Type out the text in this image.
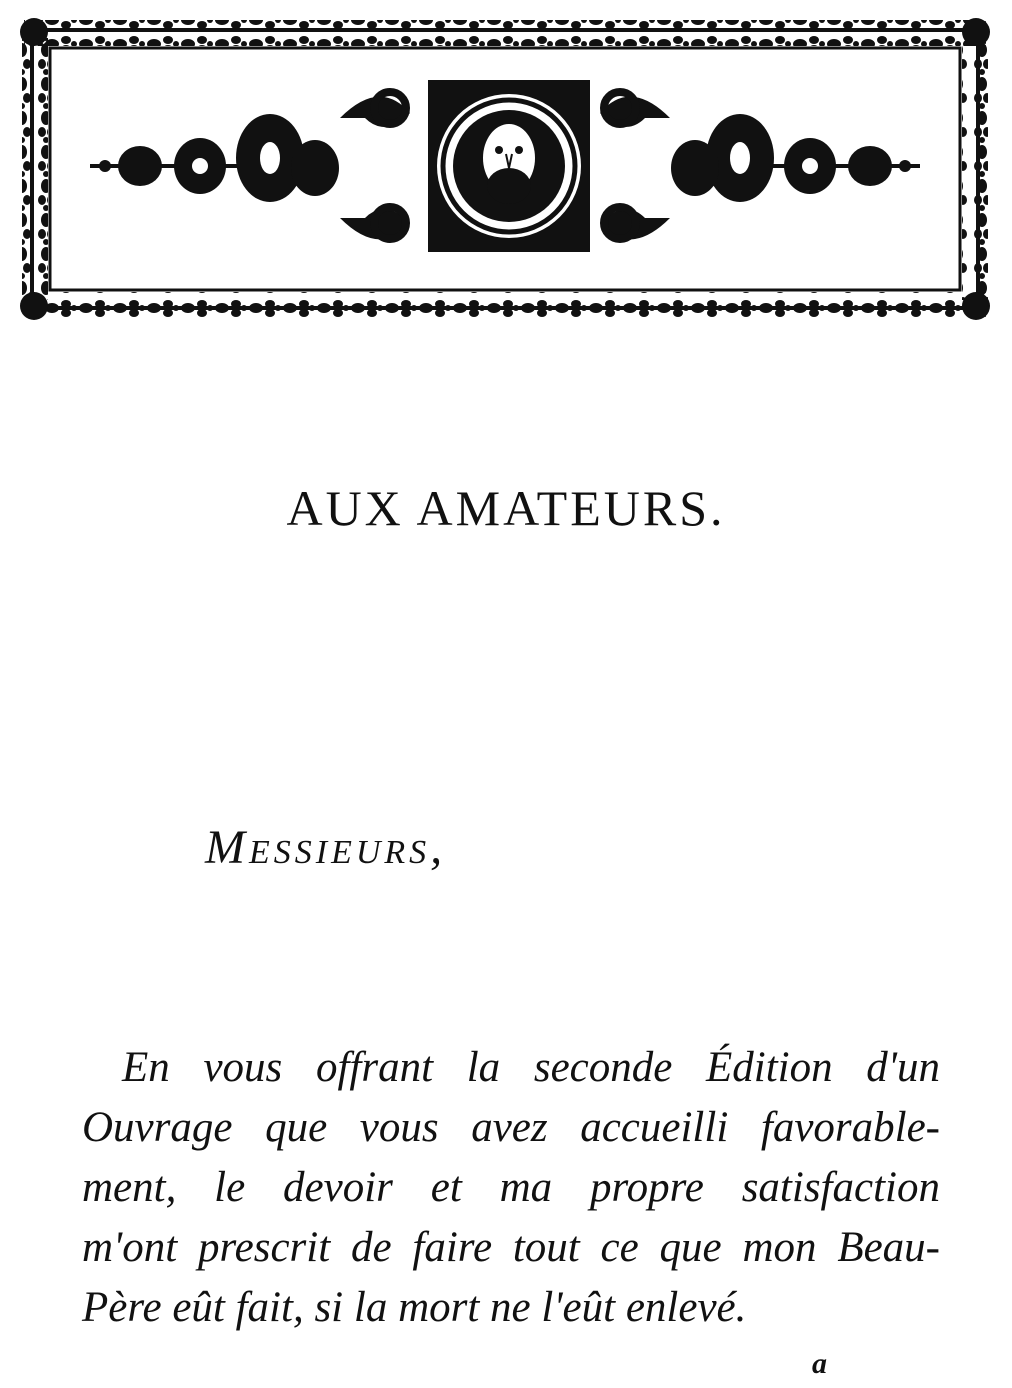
AUX AMATEURS.

Messieurs,

En vous offrant la seconde Édition d'un
Ouvrage que vous avez accueilli favorable-
ment, le devoir et ma propre satisfaction
m'ont prescrit de faire tout ce que mon Beau-
Père eût fait, si la mort ne l'eût enlevé.

a
